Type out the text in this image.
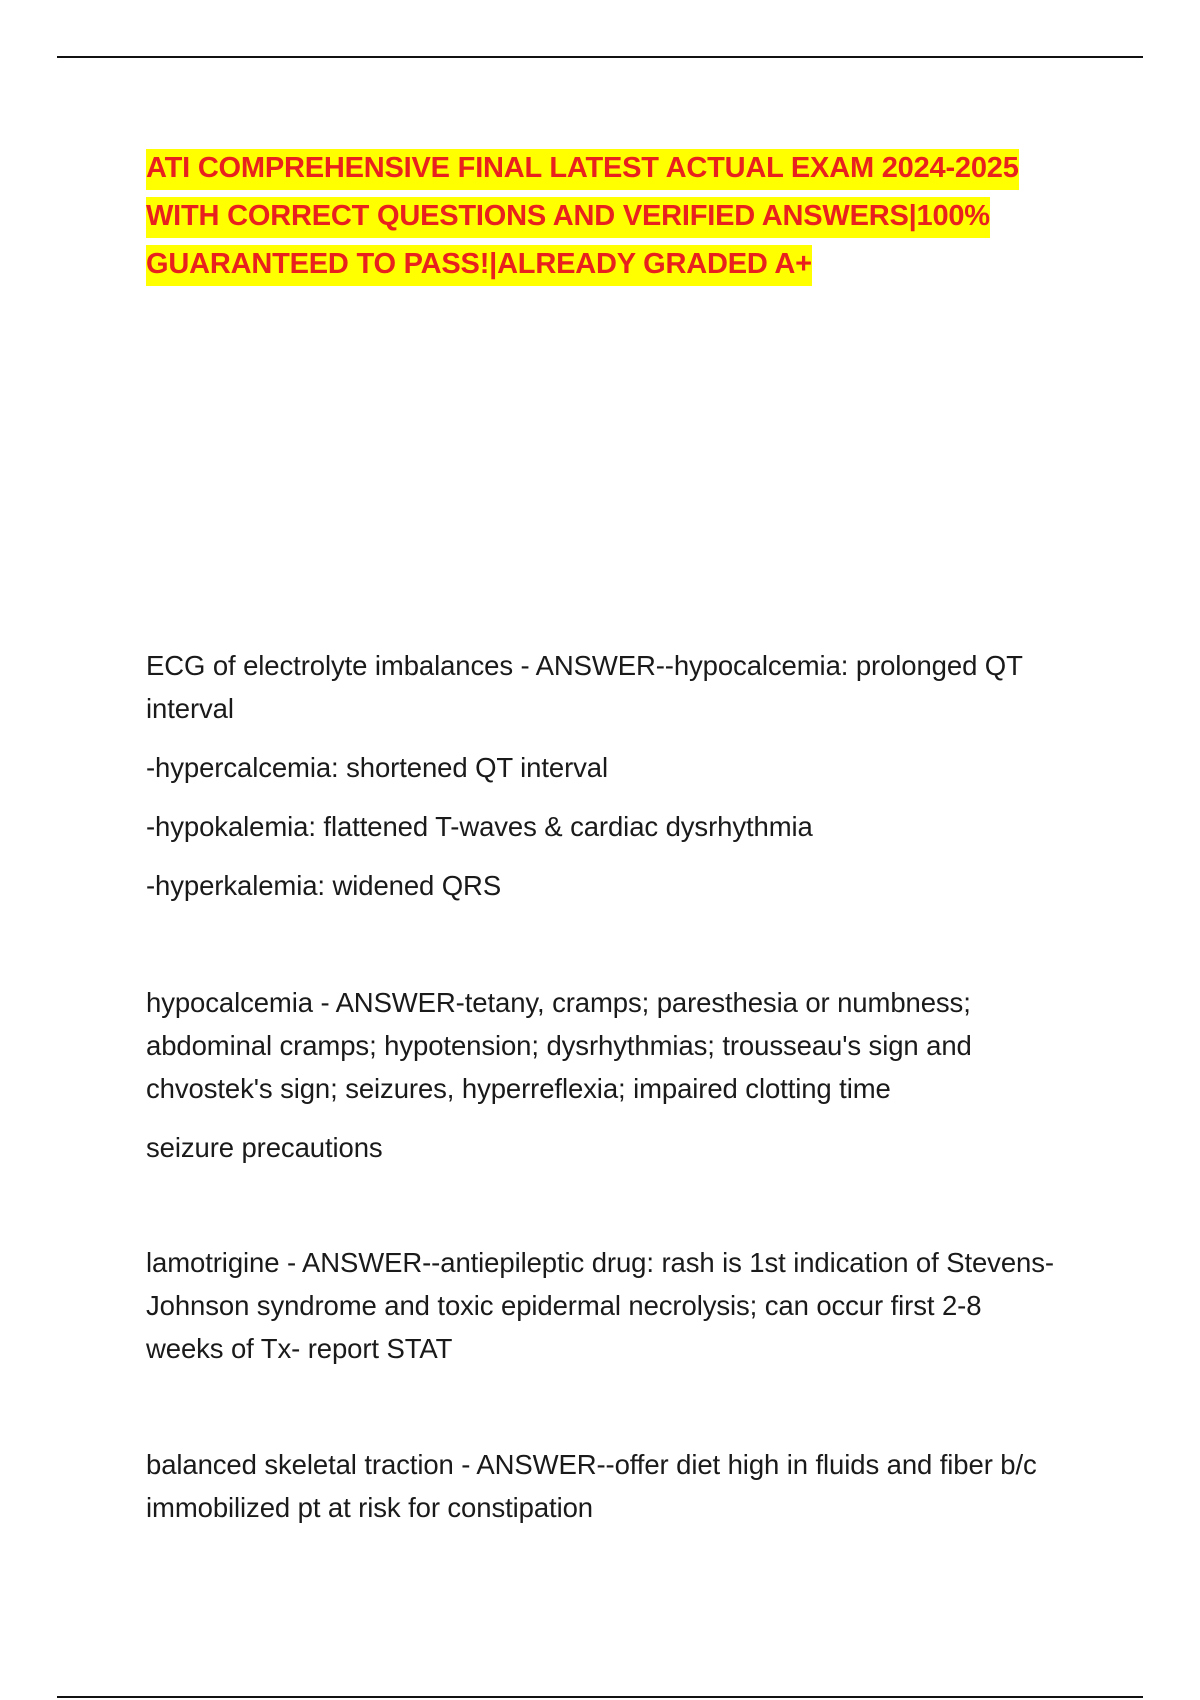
ATI COMPREHENSIVE FINAL LATEST ACTUAL EXAM 2024-2025 WITH CORRECT QUESTIONS AND VERIFIED ANSWERS|100% GUARANTEED TO PASS!|ALREADY GRADED A+

ECG of electrolyte imbalances - ANSWER--hypocalcemia: prolonged QT interval

-hypercalcemia: shortened QT interval

-hypokalemia: flattened T-waves & cardiac dysrhythmia

-hyperkalemia: widened QRS

hypocalcemia - ANSWER-tetany, cramps; paresthesia or numbness; abdominal cramps; hypotension; dysrhythmias; trousseau's sign and chvostek's sign; seizures, hyperreflexia; impaired clotting time

seizure precautions

lamotrigine - ANSWER--antiepileptic drug: rash is 1st indication of Stevens-Johnson syndrome and toxic epidermal necrolysis; can occur first 2-8 weeks of Tx- report STAT

balanced skeletal traction - ANSWER--offer diet high in fluids and fiber b/c immobilized pt at risk for constipation
